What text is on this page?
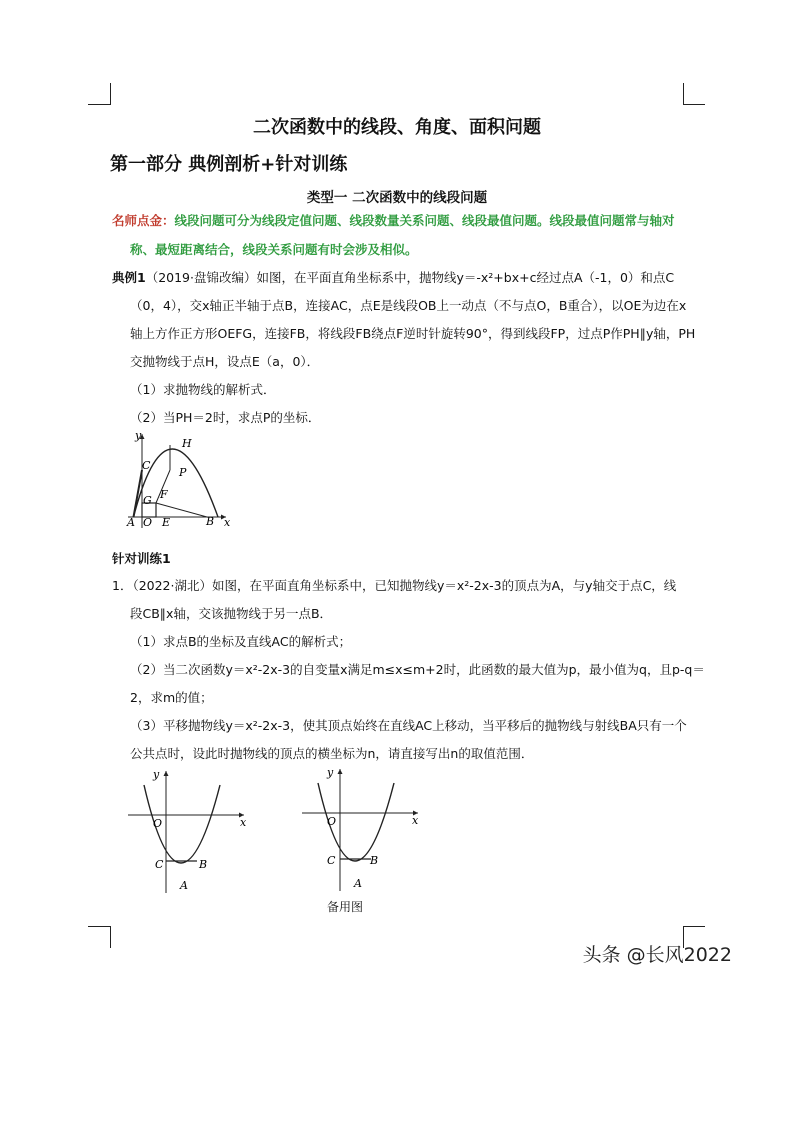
二次函数中的线段、角度、面积问题
第一部分 典例剖析+针对训练
类型一 二次函数中的线段问题
名师点金：线段问题可分为线段定值问题、线段数量关系问题、线段最值问题。线段最值问题常与轴对
称、最短距离结合，线段关系问题有时会涉及相似。
典例1（2019·盘锦改编）如图，在平面直角坐标系中，抛物线y＝-x²+bx+c经过点A（-1，0）和点C
（0，4），交x轴正半轴于点B，连接AC，点E是线段OB上一动点（不与点O，B重合），以OE为边在x
轴上方作正方形OEFG，连接FB，将线段FB绕点F逆时针旋转90°，得到线段FP，过点P作PH∥y轴，PH
交抛物线于点H，设点E（a，0）．
（1）求抛物线的解析式．
（2）当PH＝2时，求点P的坐标．
y
H
C
P
G F
A O E	B x
针对训练1
1．（2022·湖北）如图，在平面直角坐标系中，已知抛物线y＝x²-2x-3的顶点为A，与y轴交于点C，线
段CB∥x轴，交该抛物线于另一点B．
（1）求点B的坐标及直线AC的解析式；
（2）当二次函数y＝x²-2x-3的自变量x满足m≤x≤m+2时，此函数的最大值为p，最小值为q，且p-q＝
2，求m的值；
（3）平移抛物线y＝x²-2x-3，使其顶点始终在直线AC上移动，当平移后的抛物线与射线BA只有一个
公共点时，设此时抛物线的顶点的横坐标为n，请直接写出n的取值范围．
y
O	x
C	B
A
y
O	x
C	B
A
备用图
头条 @长风2022
